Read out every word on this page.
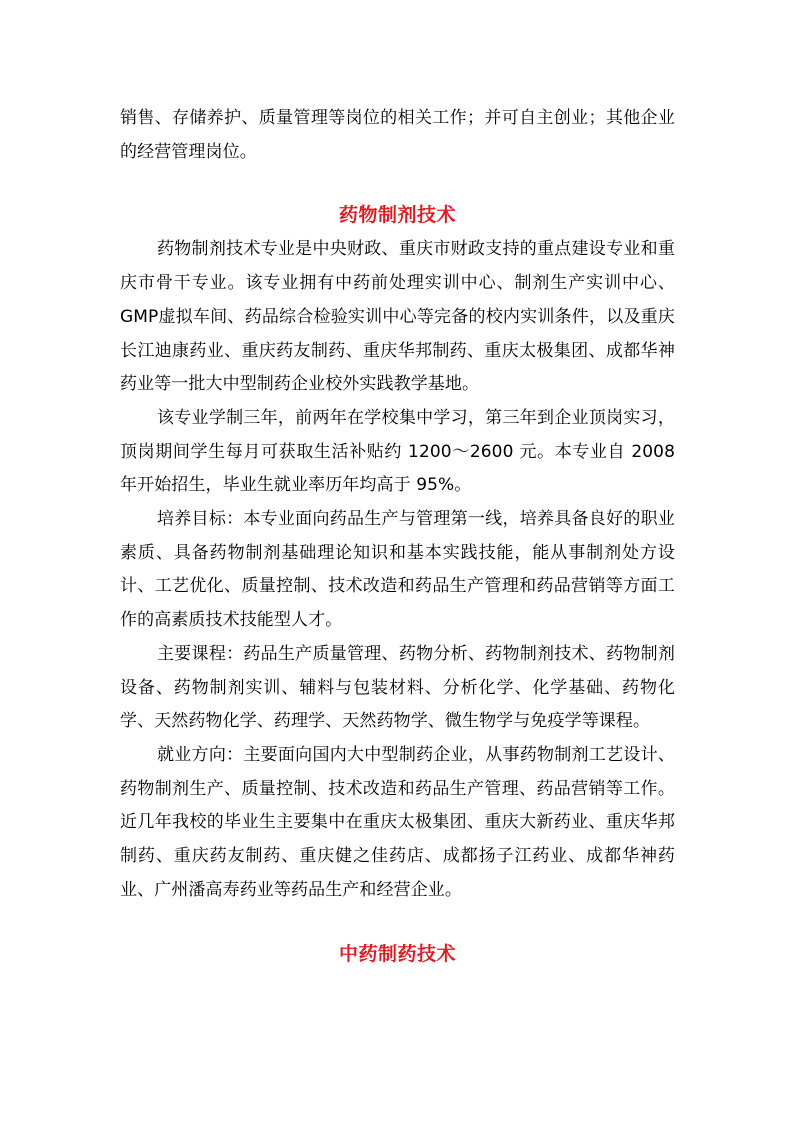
销售、存储养护、质量管理等岗位的相关工作；并可自主创业；其他企业的经营管理岗位。

药物制剂技术

药物制剂技术专业是中央财政、重庆市财政支持的重点建设专业和重庆市骨干专业。该专业拥有中药前处理实训中心、制剂生产实训中心、GMP虚拟车间、药品综合检验实训中心等完备的校内实训条件，以及重庆长江迪康药业、重庆药友制药、重庆华邦制药、重庆太极集团、成都华神药业等一批大中型制药企业校外实践教学基地。

该专业学制三年，前两年在学校集中学习，第三年到企业顶岗实习，顶岗期间学生每月可获取生活补贴约 1200～2600 元。本专业自 2008 年开始招生，毕业生就业率历年均高于 95%。

培养目标：本专业面向药品生产与管理第一线，培养具备良好的职业素质、具备药物制剂基础理论知识和基本实践技能，能从事制剂处方设计、工艺优化、质量控制、技术改造和药品生产管理和药品营销等方面工作的高素质技术技能型人才。

主要课程：药品生产质量管理、药物分析、药物制剂技术、药物制剂设备、药物制剂实训、辅料与包装材料、分析化学、化学基础、药物化学、天然药物化学、药理学、天然药物学、微生物学与免疫学等课程。

就业方向：主要面向国内大中型制药企业，从事药物制剂工艺设计、药物制剂生产、质量控制、技术改造和药品生产管理、药品营销等工作。近几年我校的毕业生主要集中在重庆太极集团、重庆大新药业、重庆华邦制药、重庆药友制药、重庆健之佳药店、成都扬子江药业、成都华神药业、广州潘高寿药业等药品生产和经营企业。

中药制药技术
